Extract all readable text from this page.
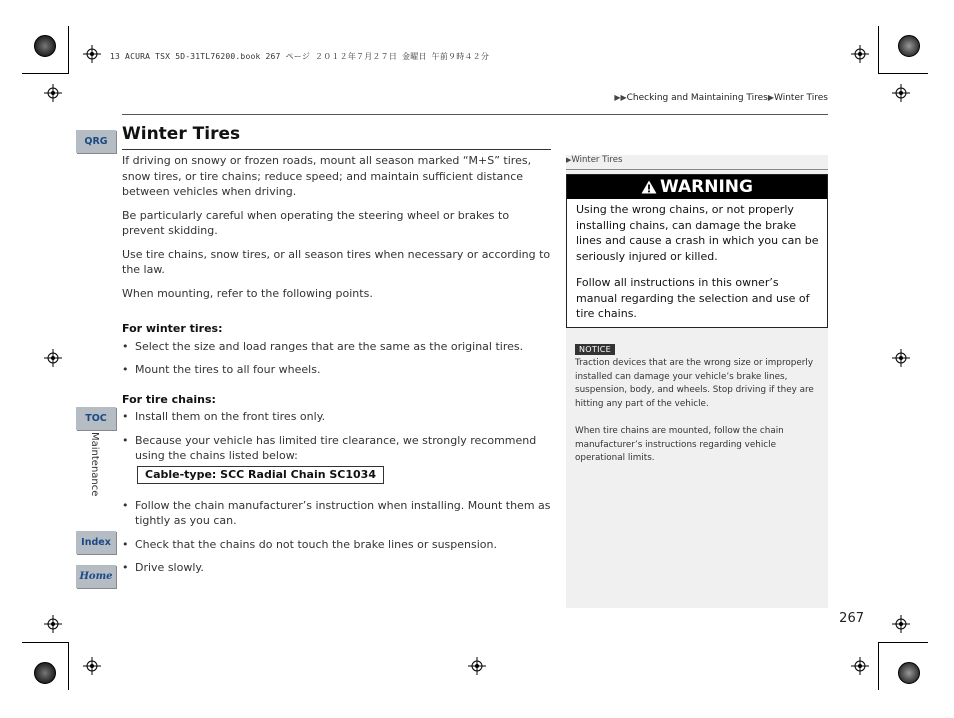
13 ACURA TSX 5D-31TL76200.book 267 ページ ２０１２年７月２７日 金曜日 午前９時４２分
▶▶Checking and Maintaining Tires▶Winter Tires
QRG
TOC
Index
Home
Maintenance
Winter Tires

If driving on snowy or frozen roads, mount all season marked “M+S” tires, snow tires, or tire chains; reduce speed; and maintain sufficient distance between vehicles when driving.

Be particularly careful when operating the steering wheel or brakes to prevent skidding.

Use tire chains, snow tires, or all season tires when necessary or according to the law.

When mounting, refer to the following points.

For winter tires:
• Select the size and load ranges that are the same as the original tires.
• Mount the tires to all four wheels.
For tire chains:
• Install them on the front tires only.
• Because your vehicle has limited tire clearance, we strongly recommend using the chains listed below:
Cable-type: SCC Radial Chain SC1034
• Follow the chain manufacturer’s instruction when installing. Mount them as tightly as you can.
• Check that the chains do not touch the brake lines or suspension.
• Drive slowly.
▶Winter Tires
WARNING

Using the wrong chains, or not properly installing chains, can damage the brake lines and cause a crash in which you can be seriously injured or killed.

Follow all instructions in this owner’s manual regarding the selection and use of tire chains.

NOTICE

Traction devices that are the wrong size or improperly installed can damage your vehicle’s brake lines, suspension, body, and wheels. Stop driving if they are hitting any part of the vehicle.

When tire chains are mounted, follow the chain manufacturer’s instructions regarding vehicle operational limits.

267
